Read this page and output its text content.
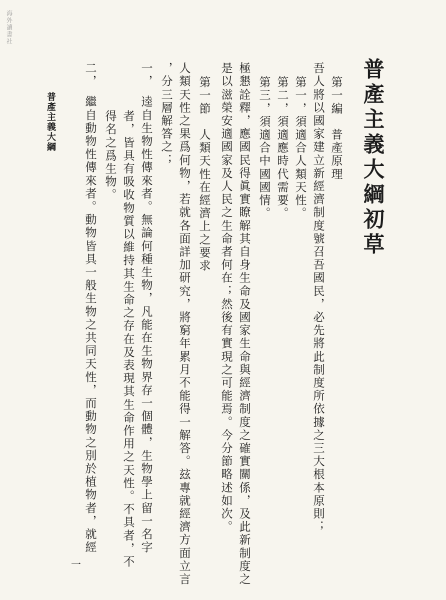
海外讀書社
普產主義大綱初草
第一編　普產原理
吾人將以國家建立新經濟制度號召吾國民，必先將此制度所依據之三大根本原則；
第一，須適合人類天性。
第二，須適應時代需要。
第三，須適合中國國情。
極懇詮釋，應國民得眞實瞭解其自身生命及國家生命與經濟制度之確實關係，及此新制度之
是以滋榮安適國家及人民之生命者何在；然後有實現之可能焉。今分節略述如次。
第一節　人類天性在經濟上之要求
人類天性之果爲何物，若就各面詳加研究，將窮年累月不能得一解答。玆專就經濟方面立言
，分三層解答之；
一，　逵自生物性傳來者。無論何種生物，凡能在生物界存一個體，生物學上留一名字
者，皆具有吸收物質以維持其生命之存在及表現其生命作用之天性。不具者，不
得名之爲生物。
二，　繼自動物性傳來者。動物皆具一般生物之共同天性，而動物之別於植物者，就經
普產主義大綱
一
